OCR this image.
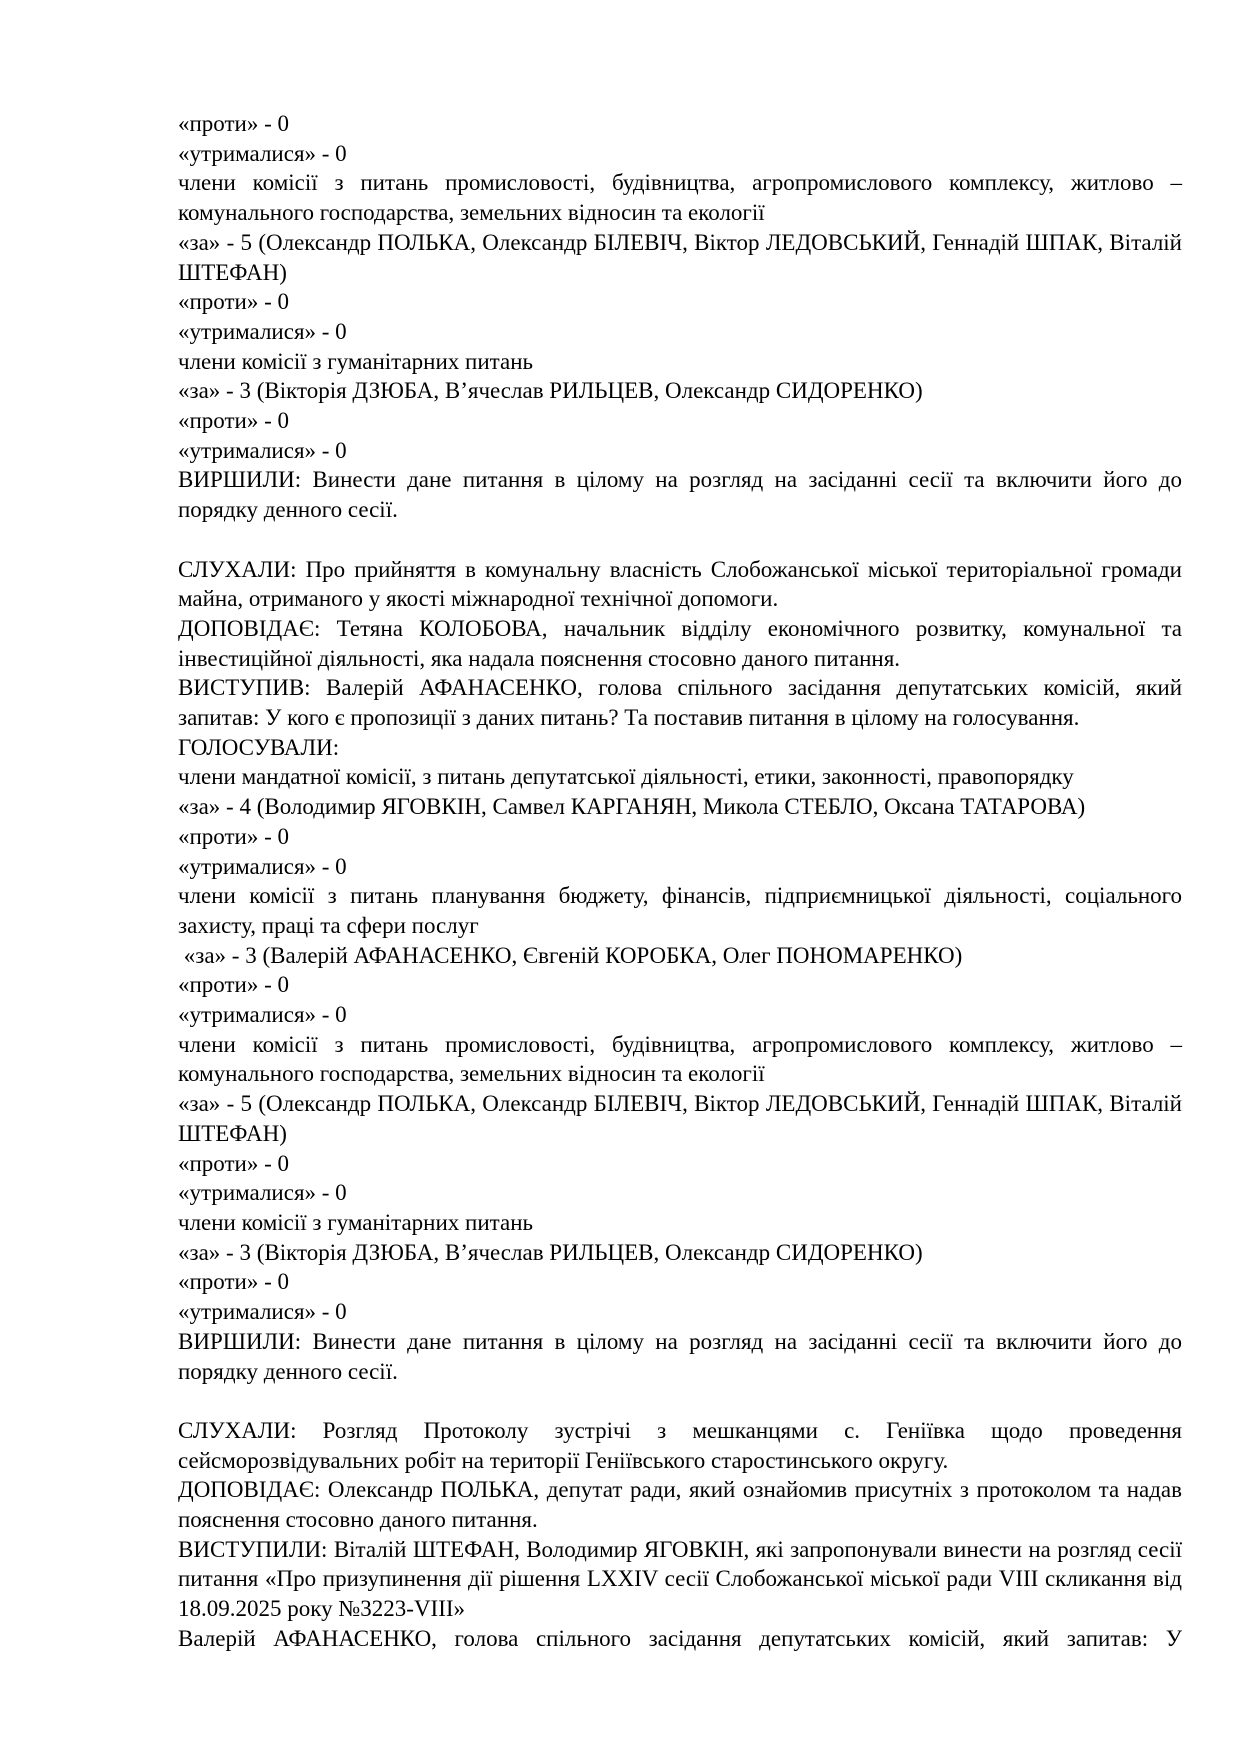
«проти» - 0

«утрималися» - 0

члени комісії з питань промисловості, будівництва, агропромислового комплексу, житлово – комунального господарства, земельних відносин та екології

«за» - 5 (Олександр ПОЛЬКА, Олександр БІЛЕВІЧ, Віктор ЛЕДОВСЬКИЙ, Геннадій ШПАК, Віталій ШТЕФАН)

«проти» - 0

«утрималися» - 0

члени комісії з гуманітарних питань

«за» - 3 (Вікторія ДЗЮБА, В’ячеслав РИЛЬЦЕВ, Олександр СИДОРЕНКО)

«проти» - 0

«утрималися» - 0

ВИРШИЛИ: Винести дане питання в цілому на розгляд на засіданні сесії та включити його до порядку денного сесії.

СЛУХАЛИ: Про прийняття в комунальну власність Слобожанської міської територіальної громади майна, отриманого у якості міжнародної технічної допомоги.

ДОПОВІДАЄ: Тетяна КОЛОБОВА, начальник відділу економічного розвитку, комунальної та інвестиційної діяльності, яка надала пояснення стосовно даного питання.

ВИСТУПИВ: Валерій АФАНАСЕНКО, голова спільного засідання депутатських комісій, який запитав: У кого є пропозиції з даних питань? Та поставив питання в цілому на голосування.

ГОЛОСУВАЛИ:

члени мандатної комісії, з питань депутатської діяльності, етики, законності, правопорядку

«за» - 4 (Володимир ЯГОВКІН, Самвел КАРГАНЯН, Микола СТЕБЛО, Оксана ТАТАРОВА)

«проти» - 0

«утрималися» - 0

члени комісії з питань планування бюджету, фінансів, підприємницької діяльності, соціального захисту, праці та сфери послуг

«за» - 3 (Валерій АФАНАСЕНКО, Євгеній КОРОБКА, Олег ПОНОМАРЕНКО)

«проти» - 0

«утрималися» - 0

члени комісії з питань промисловості, будівництва, агропромислового комплексу, житлово – комунального господарства, земельних відносин та екології

«за» - 5 (Олександр ПОЛЬКА, Олександр БІЛЕВІЧ, Віктор ЛЕДОВСЬКИЙ, Геннадій ШПАК, Віталій ШТЕФАН)

«проти» - 0

«утрималися» - 0

члени комісії з гуманітарних питань

«за» - 3 (Вікторія ДЗЮБА, В’ячеслав РИЛЬЦЕВ, Олександр СИДОРЕНКО)

«проти» - 0

«утрималися» - 0

ВИРШИЛИ: Винести дане питання в цілому на розгляд на засіданні сесії та включити його до порядку денного сесії.

СЛУХАЛИ: Розгляд Протоколу зустрічі з мешканцями с. Геніївка щодо проведення сейсморозвідувальних робіт на території Геніївського старостинського округу.

ДОПОВІДАЄ: Олександр ПОЛЬКА, депутат ради, який ознайомив присутніх з протоколом та надав пояснення стосовно даного питання.

ВИСТУПИЛИ: Віталій ШТЕФАН, Володимир ЯГОВКІН, які запропонували винести на розгляд сесії питання «Про призупинення дії рішення LXXIV сесії Слобожанської міської ради VIII скликання від 18.09.2025 року №3223-VIII»

Валерій АФАНАСЕНКО, голова спільного засідання депутатських комісій, який запитав: У
